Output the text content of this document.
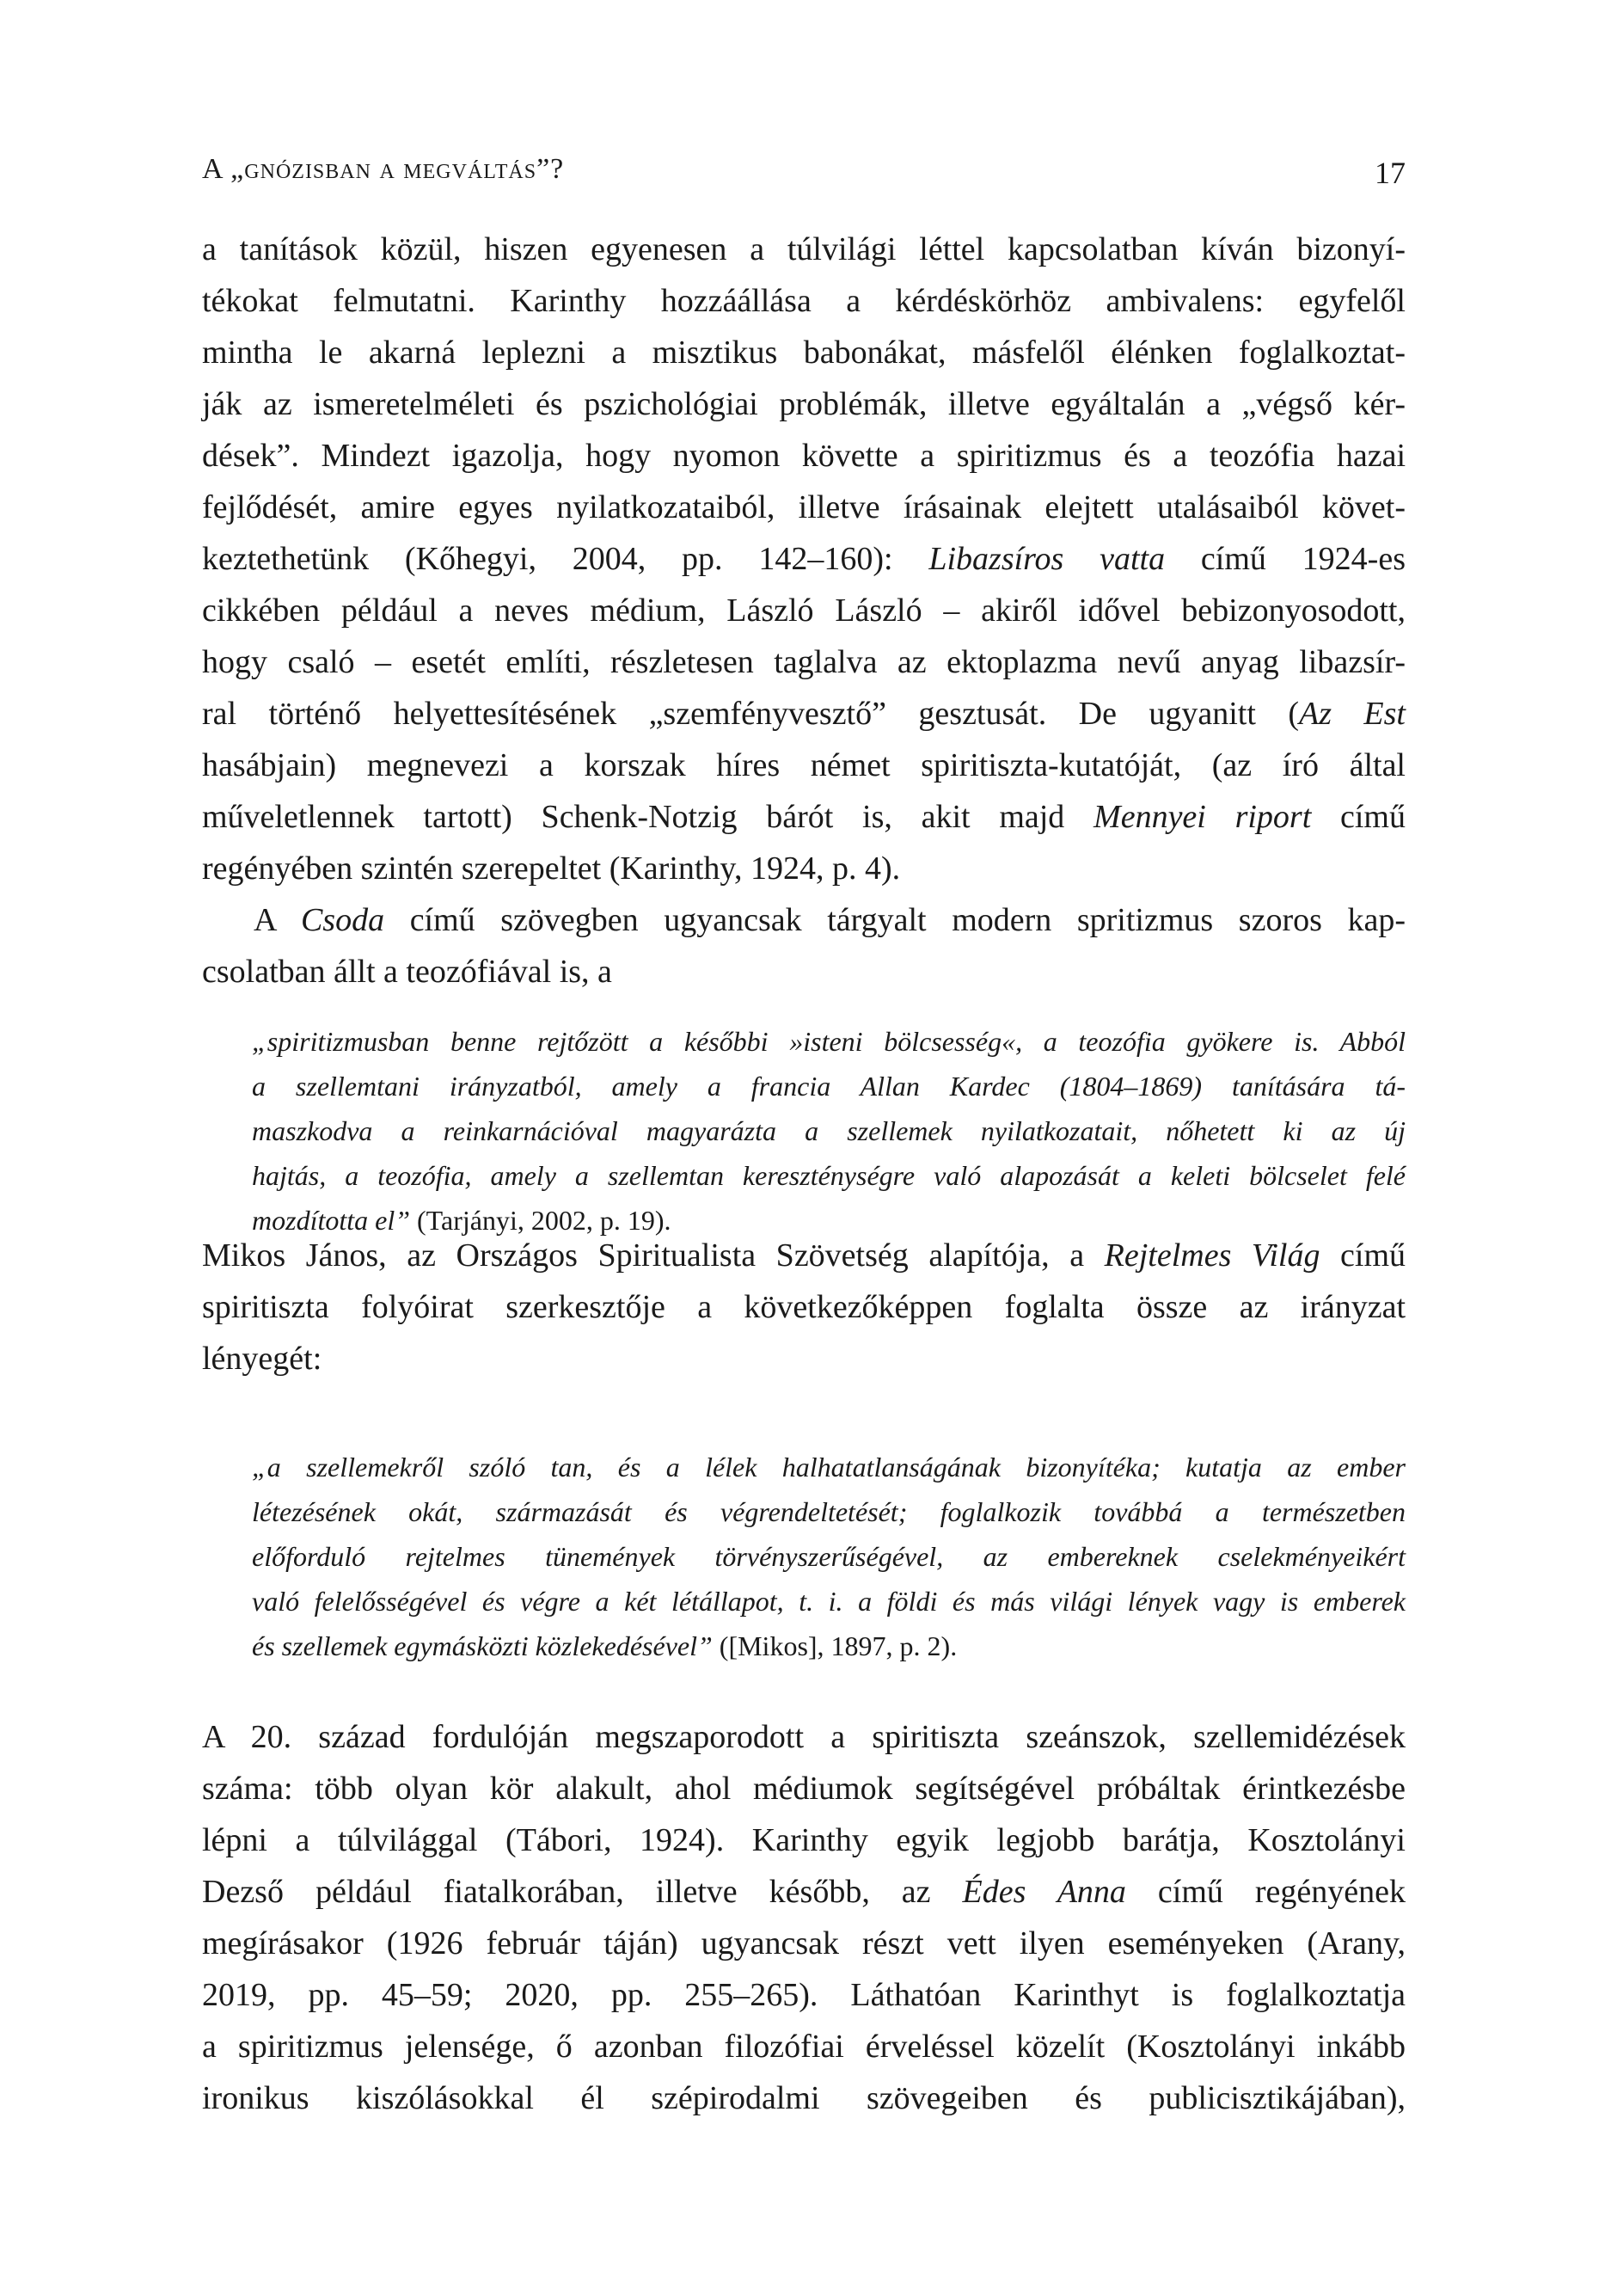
A „gnózisban a megváltás”?	17
a tanítások közül, hiszen egyenesen a túlvilági léttel kapcsolatban kíván bizonyí-
tékokat felmutatni. Karinthy hozzáállása a kérdéskörhöz ambivalens: egyfelől
mintha le akarná leplezni a misztikus babonákat, másfelől élénken foglalkoztat-
ják az ismeretelméleti és pszichológiai problémák, illetve egyáltalán a „végső kér-
dések”. Mindezt igazolja, hogy nyomon követte a spiritizmus és a teozófia hazai
fejlődését, amire egyes nyilatkozataiból, illetve írásainak elejtett utalásaiból követ-
keztethetünk (Kőhegyi, 2004, pp. 142–160): Libazsíros vatta című 1924-es
cikkében például a neves médium, László László – akiről idővel bebizonyosodott,
hogy csaló – esetét említi, részletesen taglalva az ektoplazma nevű anyag libazsír-
ral történő helyettesítésének „szemfényvesztő” gesztusát. De ugyanitt (Az Est
hasábjain) megnevezi a korszak híres német spiritiszta-kutatóját, (az író által
műveletlennek tartott) Schenk-Notzig bárót is, akit majd Mennyei riport című
regényében szintén szerepeltet (Karinthy, 1924, p. 4).
A Csoda című szövegben ugyancsak tárgyalt modern spritizmus szoros kap-
csolatban állt a teozófiával is, a
„spiritizmusban benne rejtőzött a későbbi »isteni bölcsesség«, a teozófia gyökere is. Abból
a szellemtani irányzatból, amely a francia Allan Kardec (1804–1869) tanítására tá-
maszkodva a reinkarnációval magyarázta a szellemek nyilatkozatait, nőhetett ki az új
hajtás, a teozófia, amely a szellemtan kereszténységre való alapozását a keleti bölcselet felé
mozdította el” (Tarjányi, 2002, p. 19).
Mikos János, az Országos Spiritualista Szövetség alapítója, a Rejtelmes Világ című
spiritiszta folyóirat szerkesztője a következőképpen foglalta össze az irányzat
lényegét:
„a szellemekről szóló tan, és a lélek halhatatlanságának bizonyítéka; kutatja az ember
létezésének okát, származását és végrendeltetését; foglalkozik továbbá a természetben
előforduló rejtelmes tünemények törvényszerűségével, az embereknek cselekményeikért
való felelősségével és végre a két létállapot, t. i. a földi és más világi lények vagy is emberek
és szellemek egymásközti közlekedésével” ([Mikos], 1897, p. 2).
A 20. század fordulóján megszaporodott a spiritiszta szeánszok, szellemidézések
száma: több olyan kör alakult, ahol médiumok segítségével próbáltak érintkezésbe
lépni a túlvilággal (Tábori, 1924). Karinthy egyik legjobb barátja, Kosztolányi
Dezső például fiatalkorában, illetve később, az Édes Anna című regényének
megírásakor (1926 február táján) ugyancsak részt vett ilyen eseményeken (Arany,
2019, pp. 45–59; 2020, pp. 255–265). Láthatóan Karinthyt is foglalkoztatja
a spiritizmus jelensége, ő azonban filozófiai érveléssel közelít (Kosztolányi inkább
ironikus kiszólásokkal él szépirodalmi szövegeiben és publicisztikájában),
